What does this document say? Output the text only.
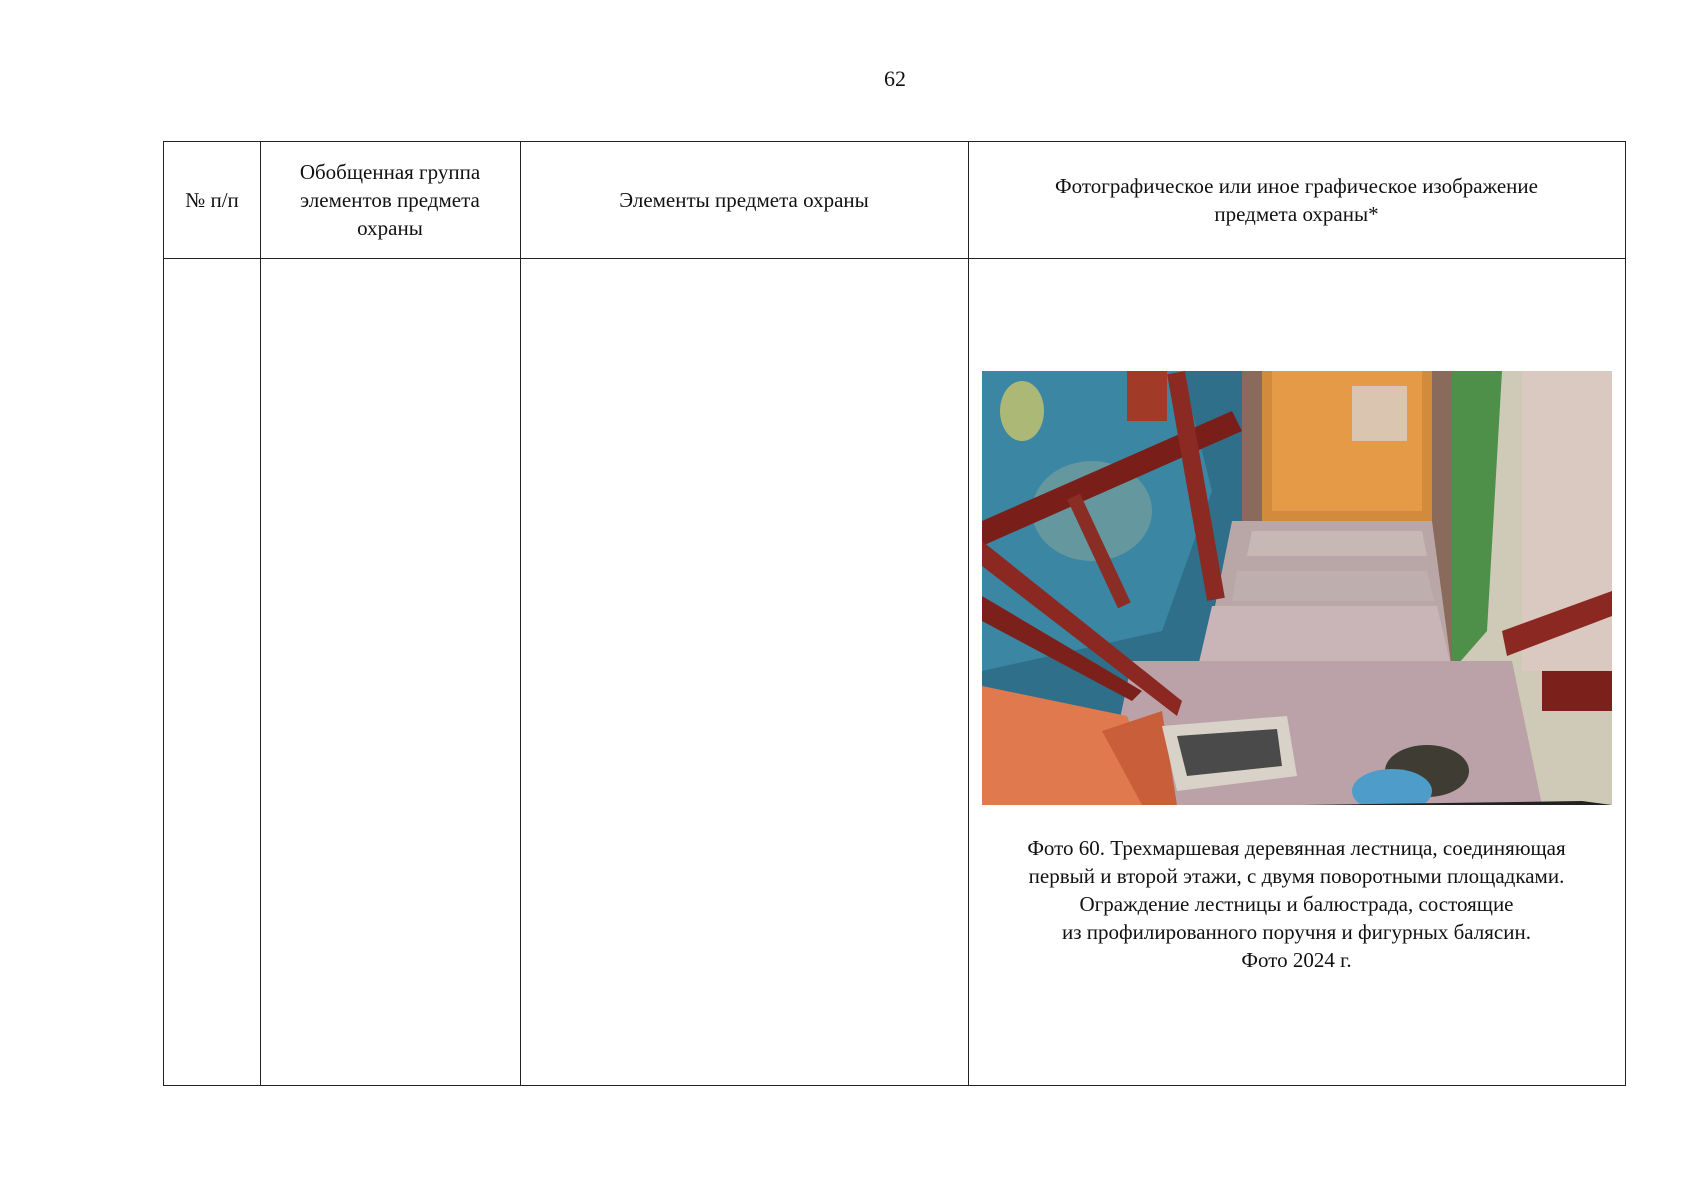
62
№ п/п
Обобщенная группа
элементов предмета
охраны
Элементы предмета охраны
Фотографическое или иное графическое изображение
предмета охраны*
Фото 60. Трехмаршевая деревянная лестница, соединяющая
первый и второй этажи, с двумя поворотными площадками.
Ограждение лестницы и балюстрада, состоящие
из профилированного поручня и фигурных балясин.
Фото 2024 г.
